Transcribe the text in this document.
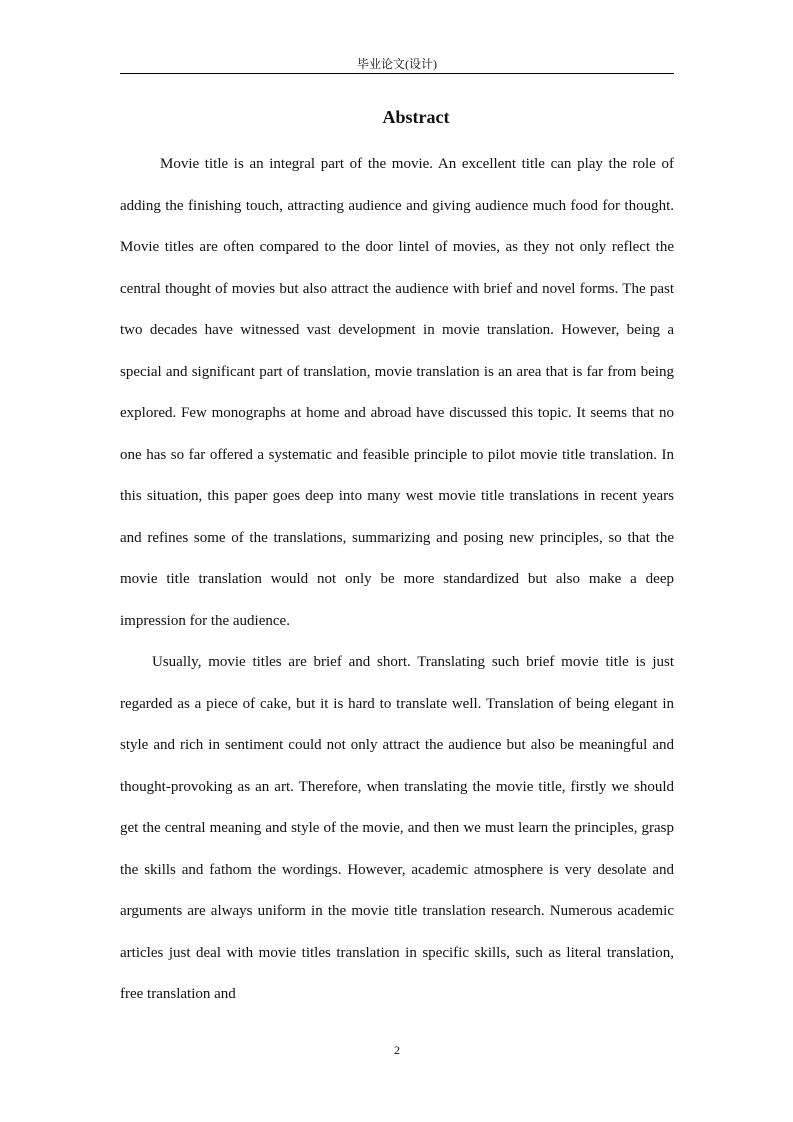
毕业论文(设计)
Abstract

Movie title is an integral part of the movie. An excellent title can play the role of adding the finishing touch, attracting audience and giving audience much food for thought. Movie titles are often compared to the door lintel of movies, as they not only reflect the central thought of movies but also attract the audience with brief and novel forms. The past two decades have witnessed vast development in movie translation. However, being a special and significant part of translation, movie translation is an area that is far from being explored. Few monographs at home and abroad have discussed this topic. It seems that no one has so far offered a systematic and feasible principle to pilot movie title translation. In this situation, this paper goes deep into many west movie title translations in recent years and refines some of the translations, summarizing and posing new principles, so that the movie title translation would not only be more standardized but also make a deep impression for the audience.

Usually, movie titles are brief and short. Translating such brief movie title is just regarded as a piece of cake, but it is hard to translate well. Translation of being elegant in style and rich in sentiment could not only attract the audience but also be meaningful and thought-provoking as an art. Therefore, when translating the movie title, firstly we should get the central meaning and style of the movie, and then we must learn the principles, grasp the skills and fathom the wordings. However, academic atmosphere is very desolate and arguments are always uniform in the movie title translation research. Numerous academic articles just deal with movie titles translation in specific skills, such as literal translation, free translation and

2
